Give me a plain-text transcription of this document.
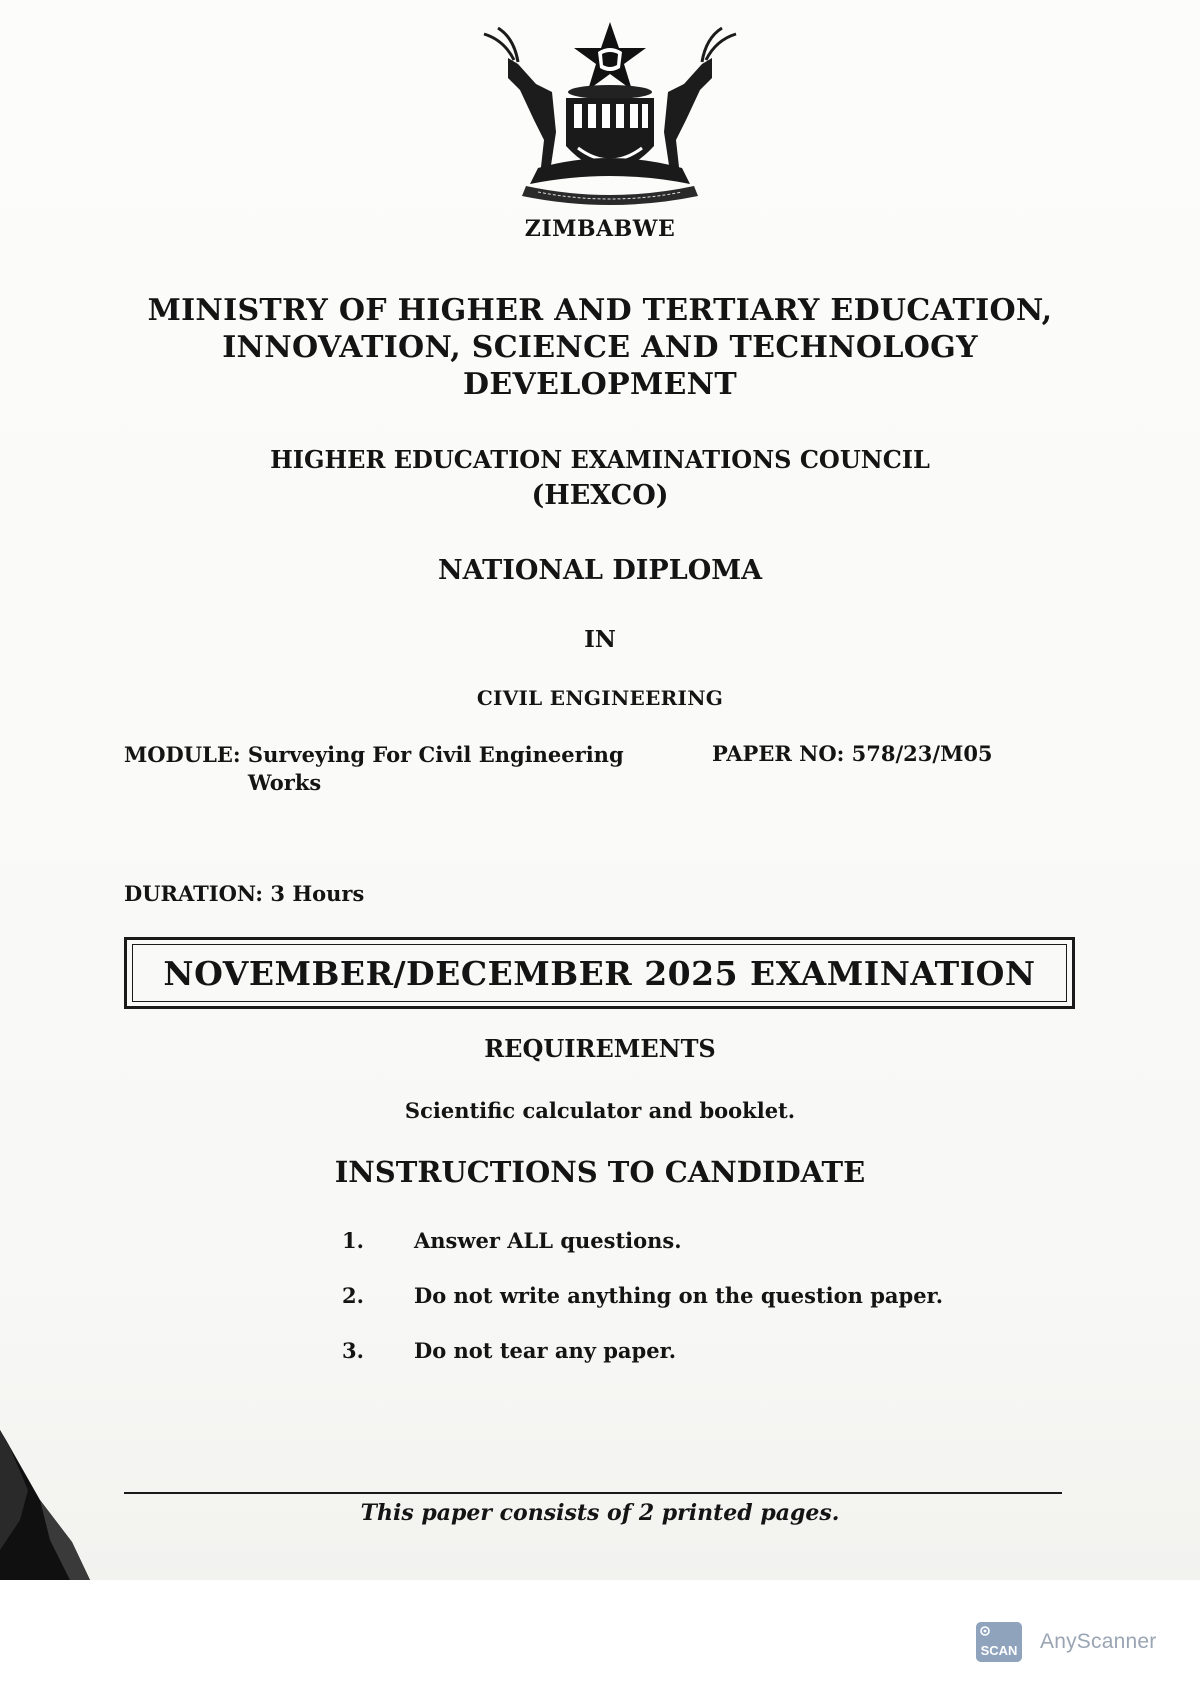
ZIMBABWE
MINISTRY OF HIGHER AND TERTIARY EDUCATION,
INNOVATION, SCIENCE AND TECHNOLOGY
DEVELOPMENT
HIGHER EDUCATION EXAMINATIONS COUNCIL
(HEXCO)
NATIONAL DIPLOMA
IN
CIVIL ENGINEERING
MODULE: Surveying For Civil Engineering Works
PAPER NO: 578/23/M05
DURATION: 3 Hours
NOVEMBER/DECEMBER 2025 EXAMINATION
REQUIREMENTS
Scientific calculator and booklet.
INSTRUCTIONS TO CANDIDATE
1. Answer ALL questions.
2. Do not write anything on the question paper.
3. Do not tear any paper.
This paper consists of 2 printed pages.
SCAN AnyScanner
